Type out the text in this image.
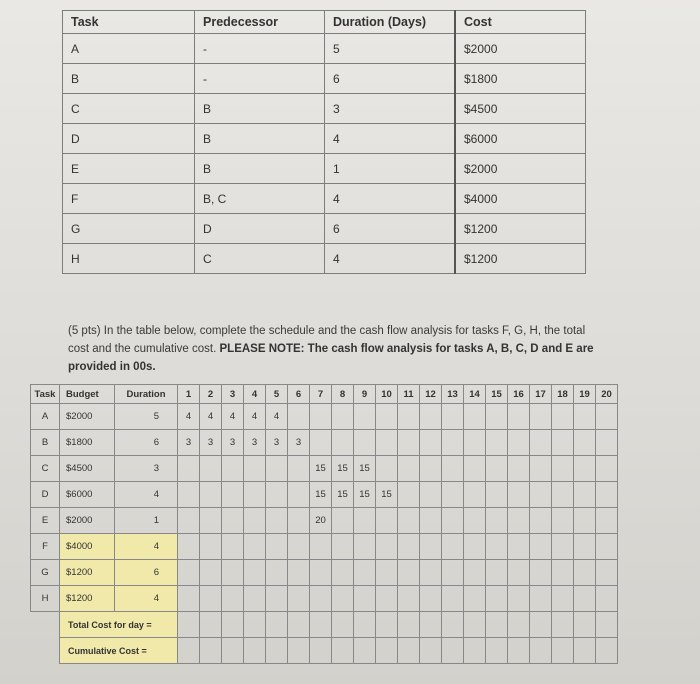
Task	Predecessor	Duration (Days)	Cost
A	-	5	$2000
B	-	6	$1800
C	B	3	$4500
D	B	4	$6000
E	B	1	$2000
F	B, C	4	$4000
G	D	6	$1200
H	C	4	$1200
(5 pts) In the table below, complete the schedule and the cash flow analysis for tasks F, G, H, the total cost and the cumulative cost. PLEASE NOTE: The cash flow analysis for tasks A, B, C, D and E are provided in 00s.
Task	Budget	Duration	1	2	3	4	5	6	7	8	9	10	11	12	13	14	15	16	17	18	19	20
A	$2000	5	4	4	4	4	4															
B	$1800	6	3	3	3	3	3	3														
C	$4500	3							15	15	15											
D	$6000	4							15	15	15	15										
E	$2000	1							20													
F	$4000	4																				

G	$1200	6																				

H	$1200	4																				

	Total Cost for day =																					
	Cumulative Cost =																					
